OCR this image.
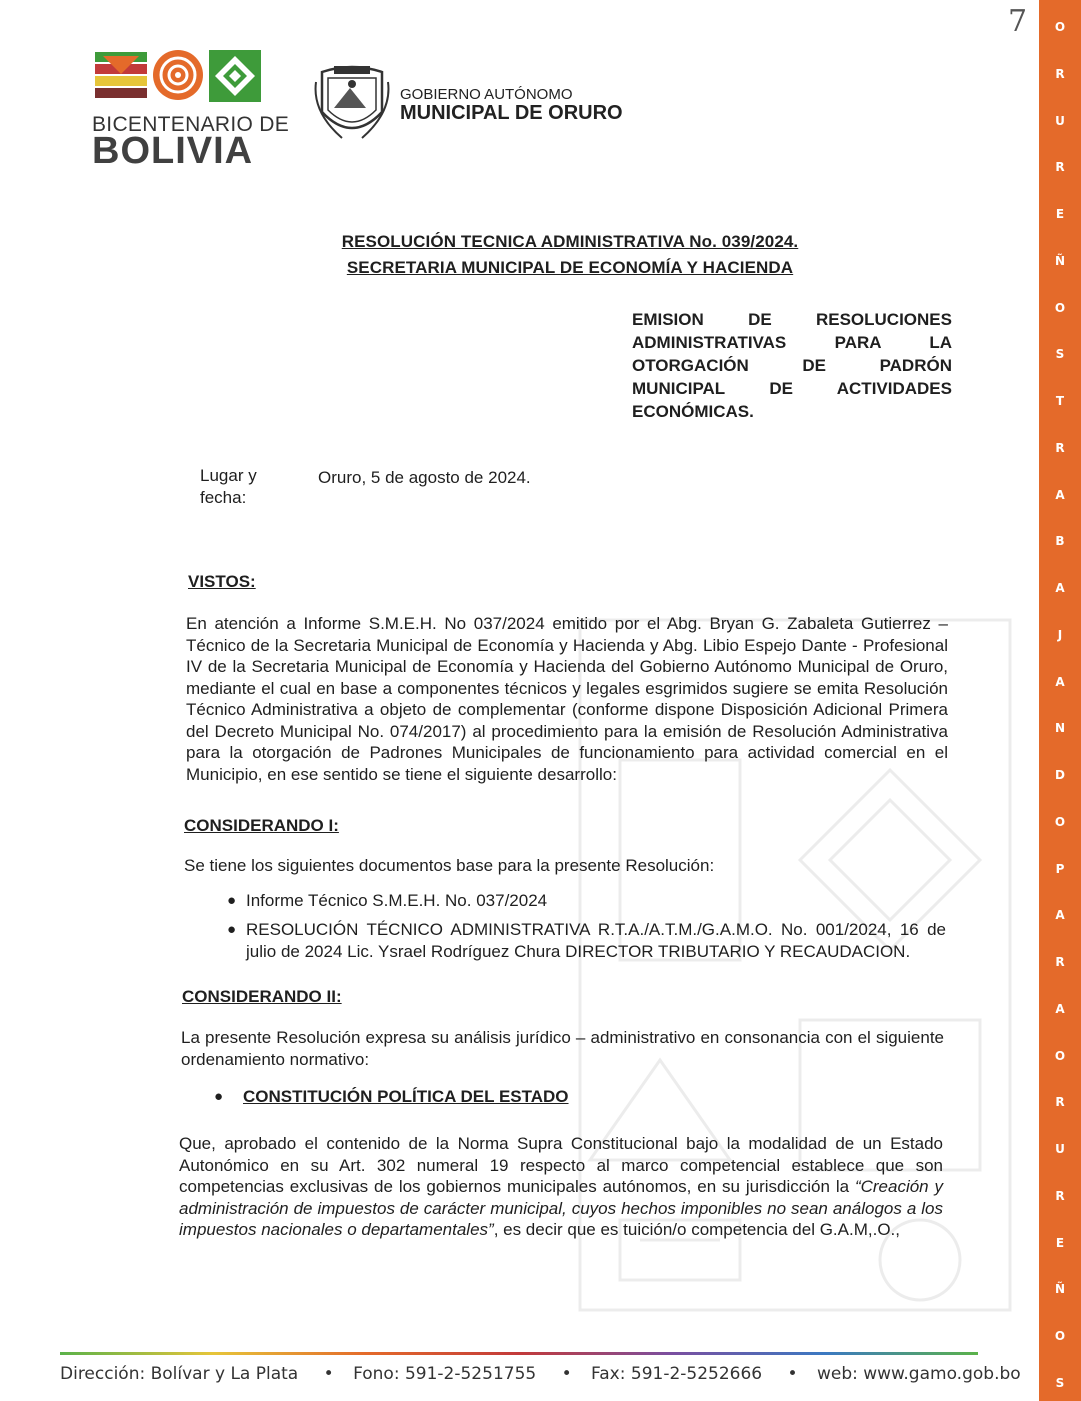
O
R
U
R
E
Ñ
O
S
T
R
A
B
A
J
A
N
D
O
P
A
R
A
O
R
U
R
E
Ñ
O
S
7
BICENTENARIO DE
BOLIVIA
GOBIERNO AUTÓNOMO
MUNICIPAL DE ORURO
RESOLUCIÓN TECNICA ADMINISTRATIVA No. 039/2024.
SECRETARIA MUNICIPAL DE ECONOMÍA Y HACIENDA
EMISION DE RESOLUCIONES ADMINISTRATIVAS PARA LA OTORGACIÓN DE PADRÓN MUNICIPAL DE ACTIVIDADES ECONÓMICAS.
Lugar y
fecha:
Oruro, 5 de agosto de 2024.
VISTOS:
En atención a Informe S.M.E.H. No 037/2024 emitido por el Abg. Bryan G. Zabaleta Gutierrez – Técnico de la Secretaria Municipal de Economía y Hacienda y Abg. Libio Espejo Dante - Profesional IV de la Secretaria Municipal de Economía y Hacienda del Gobierno Autónomo Municipal de Oruro, mediante el cual en base a componentes técnicos y legales esgrimidos sugiere se emita Resolución Técnico Administrativa a objeto de complementar (conforme dispone Disposición Adicional Primera del Decreto Municipal No. 074/2017) al procedimiento para la emisión de Resolución Administrativa para la otorgación de Padrones Municipales de funcionamiento para actividad comercial en el Municipio, en ese sentido se tiene el siguiente desarrollo:
CONSIDERANDO I:
Se tiene los siguientes documentos base para la presente Resolución:
● Informe Técnico S.M.E.H. No. 037/2024
● RESOLUCIÓN TÉCNICO ADMINISTRATIVA R.T.A./A.T.M./G.A.M.O. No. 001/2024, 16 de julio de 2024 Lic. Ysrael Rodríguez Chura DIRECTOR TRIBUTARIO Y RECAUDACION.
CONSIDERANDO II:
La presente Resolución expresa su análisis jurídico – administrativo en consonancia con el siguiente ordenamiento normativo:
● CONSTITUCIÓN POLÍTICA DEL ESTADO
Que, aprobado el contenido de la Norma Supra Constitucional bajo la modalidad de un Estado Autonómico en su Art. 302 numeral 19 respecto al marco competencial establece que son competencias exclusivas de los gobiernos municipales autónomos, en su jurisdicción la “Creación y administración de impuestos de carácter municipal, cuyos hechos imponibles no sean análogos a los impuestos nacionales o departamentales”, es decir que es tuición/o competencia del G.A.M,.O.,
Dirección: Bolívar y La Plata • Fono: 591-2-5251755 • Fax: 591-2-5252666 • web: www.gamo.gob.bo
